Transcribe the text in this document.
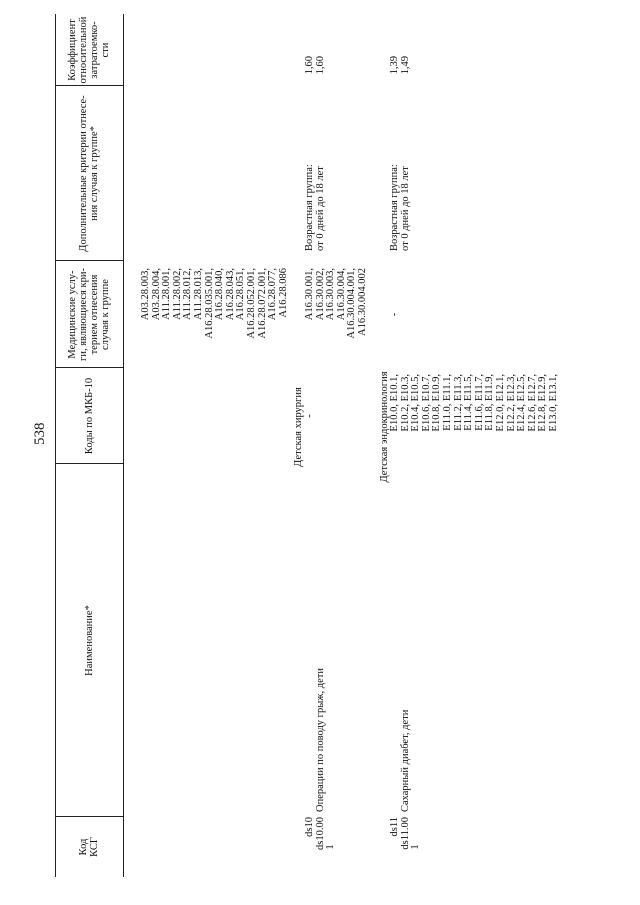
538
Код КСГ
Наименование*
Коды по МКБ-10
Медицинские услу- ги, являющиеся кри- терием отнесения случая к группе
Дополнительные критерии отнесе- ния случая к группе*
Коэффициент относительной затратоемко- сти
A03.28.003, A03.28.004, A11.28.001, A11.28.002, A11.28.012, A11.28.013, A16.28.035.001, A16.28.040, A16.28.043, A16.28.051, A16.28.052.001, A16.28.072.001, A16.28.077, A16.28.086
Детская хирургия
ds10 ds10.00 1
Операции по поводу грыж, дети
-
A16.30.001, A16.30.002, A16.30.003, A16.30.004, A16.30.004.001, A16.30.004.002
Возрастная группа: от 0 дней до 18 лет
1,60 1,60
Детская эндокринология
ds11 ds11.00 1
Сахарный диабет, дети
E10.0, E10.1, E10.2, E10.3, E10.4, E10.5, E10.6, E10.7, E10.8, E10.9, E11.0, E11.1, E11.2, E11.3, E11.4, E11.5, E11.6, E11.7, E11.8, E11.9, E12.0, E12.1, E12.2, E12.3, E12.4, E12.5, E12.6, E12.7, E12.8, E12.9, E13.0, E13.1,
-
Возрастная группа: от 0 дней до 18 лет
1,39 1,49
